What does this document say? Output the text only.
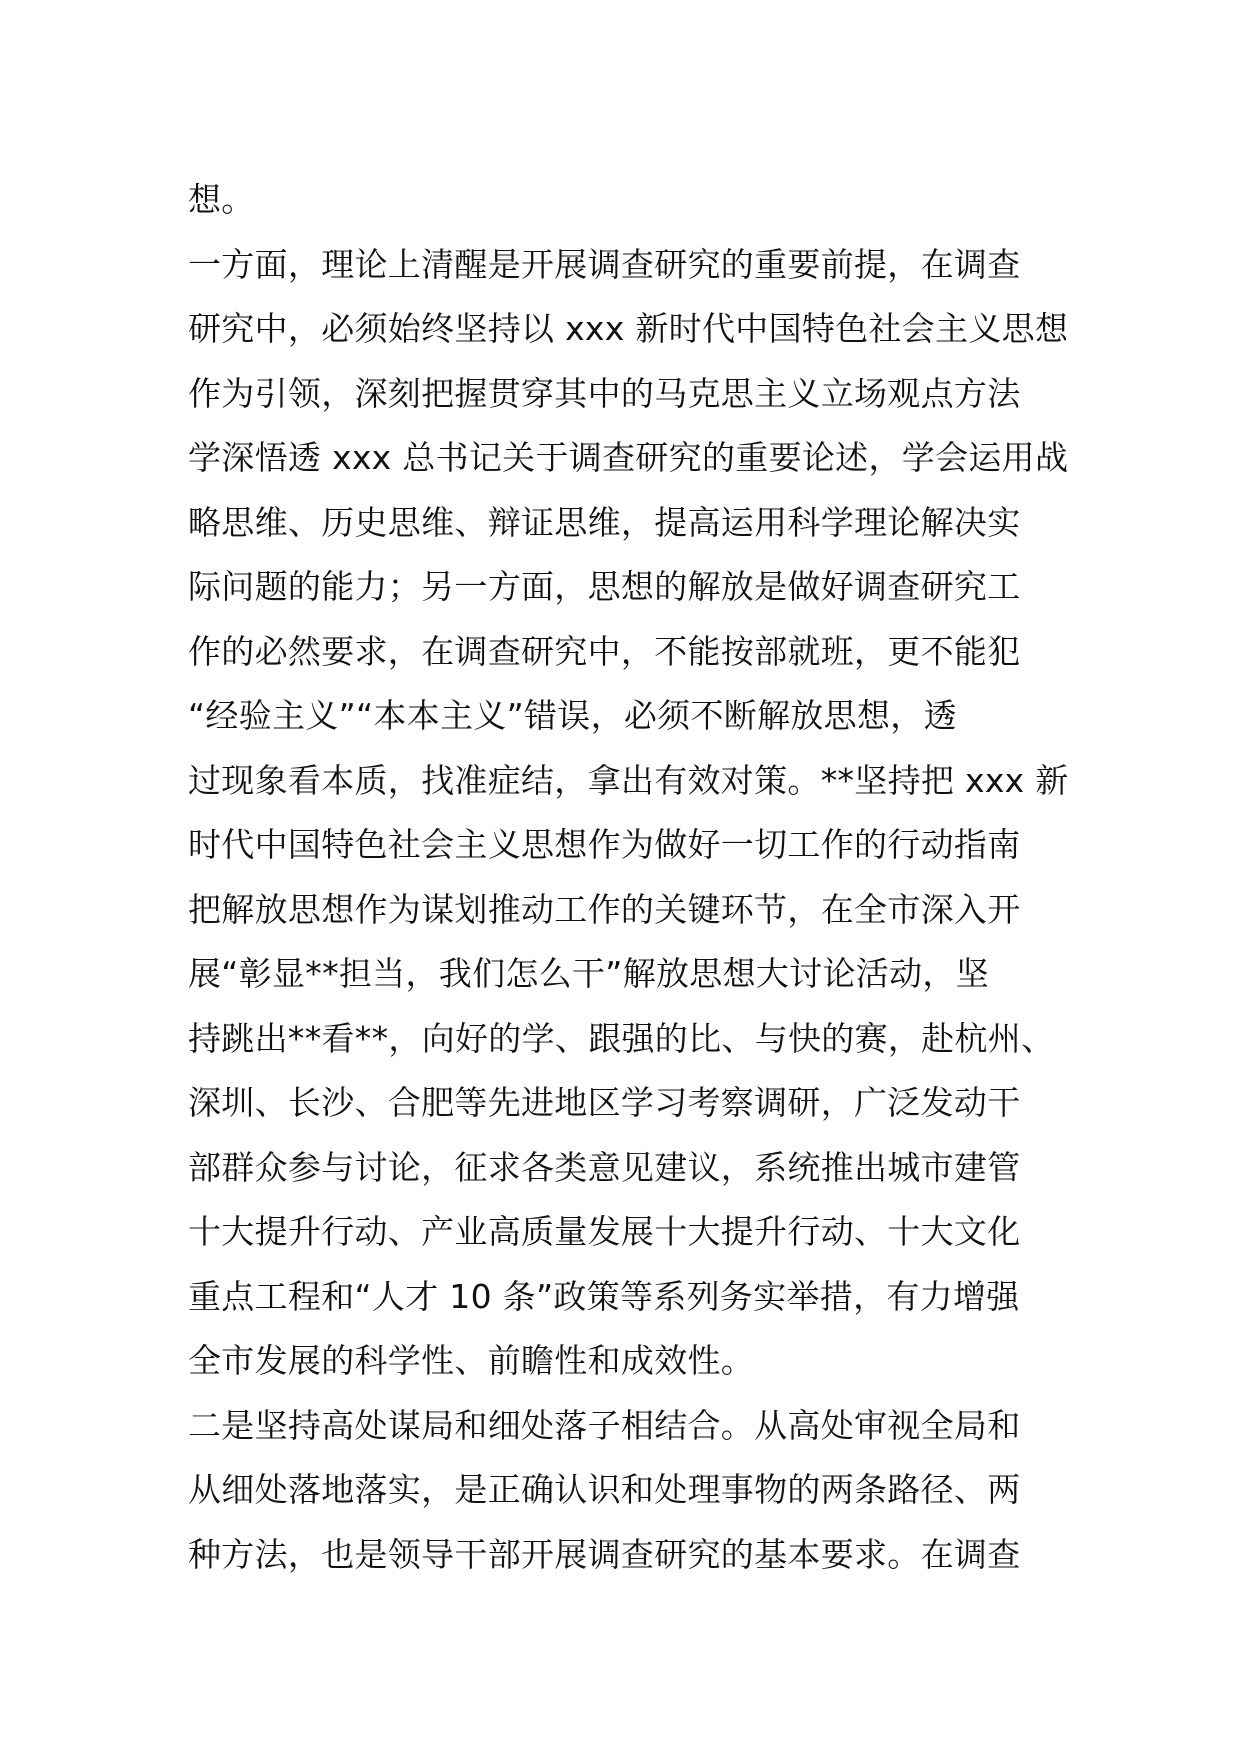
想。
一方面，理论上清醒是开展调查研究的重要前提，在调查
研究中，必须始终坚持以 xxx 新时代中国特色社会主义思想
作为引领，深刻把握贯穿其中的马克思主义立场观点方法
学深悟透 xxx 总书记关于调查研究的重要论述，学会运用战
略思维、历史思维、辩证思维，提高运用科学理论解决实
际问题的能力；另一方面，思想的解放是做好调查研究工
作的必然要求，在调查研究中，不能按部就班，更不能犯
“经验主义”“本本主义”错误，必须不断解放思想，透
过现象看本质，找准症结，拿出有效对策。**坚持把 xxx 新
时代中国特色社会主义思想作为做好一切工作的行动指南
把解放思想作为谋划推动工作的关键环节，在全市深入开
展“彰显**担当，我们怎么干”解放思想大讨论活动，坚
持跳出**看**，向好的学、跟强的比、与快的赛，赴杭州、
深圳、长沙、合肥等先进地区学习考察调研，广泛发动干
部群众参与讨论，征求各类意见建议，系统推出城市建管
十大提升行动、产业高质量发展十大提升行动、十大文化
重点工程和“人才 10 条”政策等系列务实举措，有力增强
全市发展的科学性、前瞻性和成效性。
二是坚持高处谋局和细处落子相结合。从高处审视全局和
从细处落地落实，是正确认识和处理事物的两条路径、两
种方法，也是领导干部开展调查研究的基本要求。在调查
